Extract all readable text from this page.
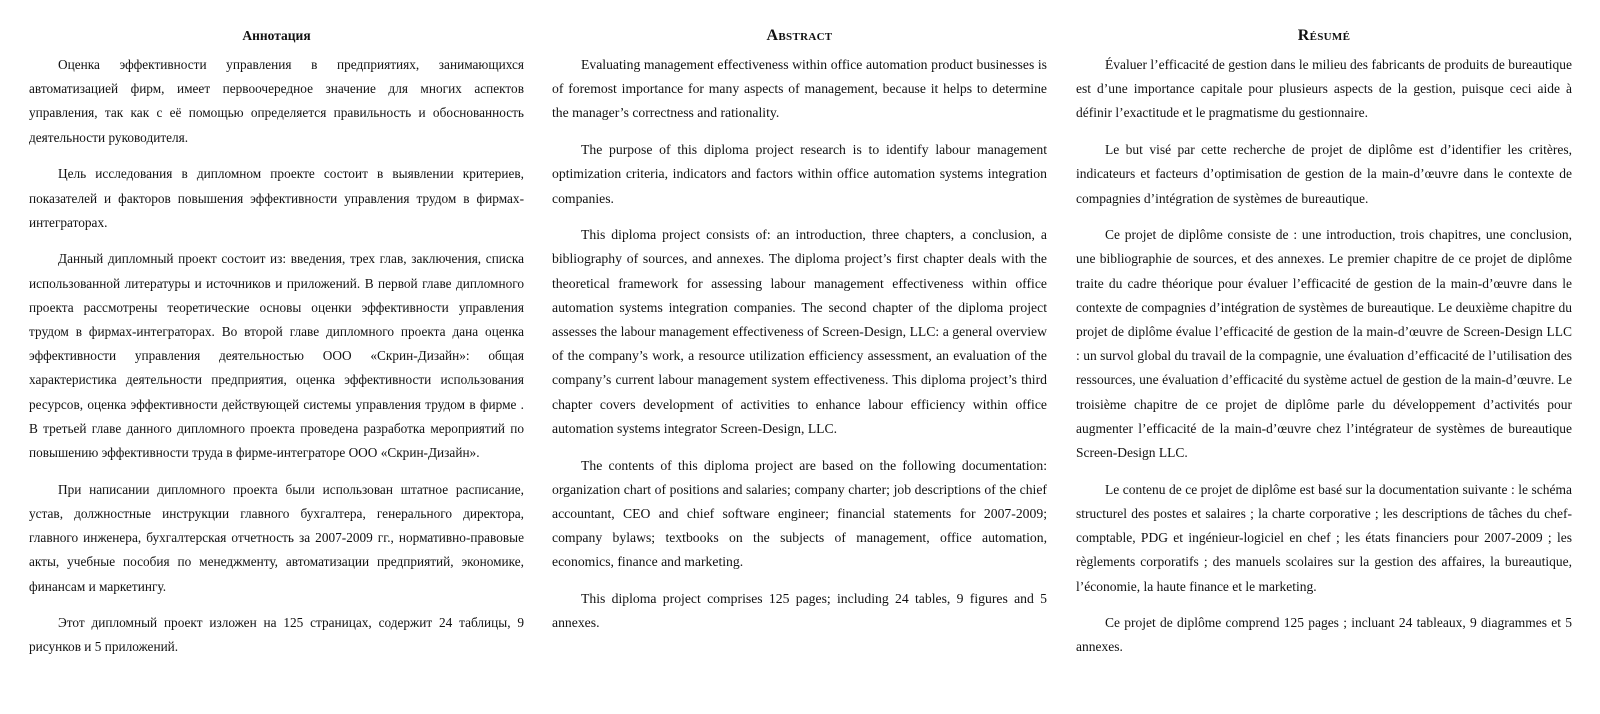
Аннотация

Оценка эффективности управления в предприятиях, занимающихся автоматизацией фирм, имеет первоочередное значение для многих аспектов управления, так как с её помощью определяется правильность и обоснованность деятельности руководителя.

Цель исследования в дипломном проекте состоит в выявлении критериев, показателей и факторов повышения эффективности управления трудом в фирмах-интеграторах.

Данный дипломный проект состоит из: введения, трех глав, заключения, списка использованной литературы и источников и приложений. В первой главе дипломного проекта рассмотрены теоретические основы оценки эффективности управления трудом в фирмах-интеграторах. Во второй главе дипломного проекта дана оценка эффективности управления деятельностью ООО «Скрин-Дизайн»: общая характеристика деятельности предприятия, оценка эффективности использования ресурсов, оценка эффективности действующей системы управления трудом в фирме . В третьей главе данного дипломного проекта проведена разработка мероприятий по повышению эффективности труда в фирме-интеграторе ООО «Скрин-Дизайн».

При написании дипломного проекта были использован штатное расписание, устав, должностные инструкции главного бухгалтера, генерального директора, главного инженера, бухгалтерская отчетность за 2007-2009 гг., нормативно-правовые акты, учебные пособия по менеджменту, автоматизации предприятий, экономике, финансам и маркетингу.

Этот дипломный проект изложен на 125 страницах, содержит 24 таблицы, 9 рисунков и 5 приложений.

Abstract

Evaluating management effectiveness within office automation product businesses is of foremost importance for many aspects of management, because it helps to determine the manager’s correctness and rationality.

The purpose of this diploma project research is to identify labour management optimization criteria, indicators and factors within office automation systems integration companies.

This diploma project consists of: an introduction, three chapters, a conclusion, a bibliography of sources, and annexes. The diploma project’s first chapter deals with the theoretical framework for assessing labour management effectiveness within office automation systems integration companies. The second chapter of the diploma project assesses the labour management effectiveness of Screen-Design, LLC: a general overview of the company’s work, a resource utilization efficiency assessment, an evaluation of the company’s current labour management system effectiveness. This diploma project’s third chapter covers development of activities to enhance labour efficiency within office automation systems integrator Screen-Design, LLC.

The contents of this diploma project are based on the following documentation: organization chart of positions and salaries; company charter; job descriptions of the chief accountant, CEO and chief software engineer; financial statements for 2007-2009; company bylaws; textbooks on the subjects of management, office automation, economics, finance and marketing.

This diploma project comprises 125 pages; including 24 tables, 9 figures and 5 annexes.

Résumé

Évaluer l’efficacité de gestion dans le milieu des fabricants de produits de bureautique est d’une importance capitale pour plusieurs aspects de la gestion, puisque ceci aide à définir l’exactitude et le pragmatisme du gestionnaire.

Le but visé par cette recherche de projet de diplôme est d’identifier les critères, indicateurs et facteurs d’optimisation de gestion de la main-d’œuvre dans le contexte de compagnies d’intégration de systèmes de bureautique.

Ce projet de diplôme consiste de : une introduction, trois chapitres, une conclusion, une bibliographie de sources, et des annexes. Le premier chapitre de ce projet de diplôme traite du cadre théorique pour évaluer l’efficacité de gestion de la main-d’œuvre dans le contexte de compagnies d’intégration de systèmes de bureautique. Le deuxième chapitre du projet de diplôme évalue l’efficacité de gestion de la main-d’œuvre de Screen-Design LLC : un survol global du travail de la compagnie, une évaluation d’efficacité de l’utilisation des ressources, une évaluation d’efficacité du système actuel de gestion de la main-d’œuvre. Le troisième chapitre de ce projet de diplôme parle du développement d’activités pour augmenter l’efficacité de la main-d’œuvre chez l’intégrateur de systèmes de bureautique Screen-Design LLC.

Le contenu de ce projet de diplôme est basé sur la documentation suivante : le schéma structurel des postes et salaires ; la charte corporative ; les descriptions de tâches du chef-comptable, PDG et ingénieur-logiciel en chef ; les états financiers pour 2007-2009 ; les règlements corporatifs ; des manuels scolaires sur la gestion des affaires, la bureautique, l’économie, la haute finance et le marketing.

Ce projet de diplôme comprend 125 pages ; incluant 24 tableaux, 9 diagrammes et 5 annexes.
